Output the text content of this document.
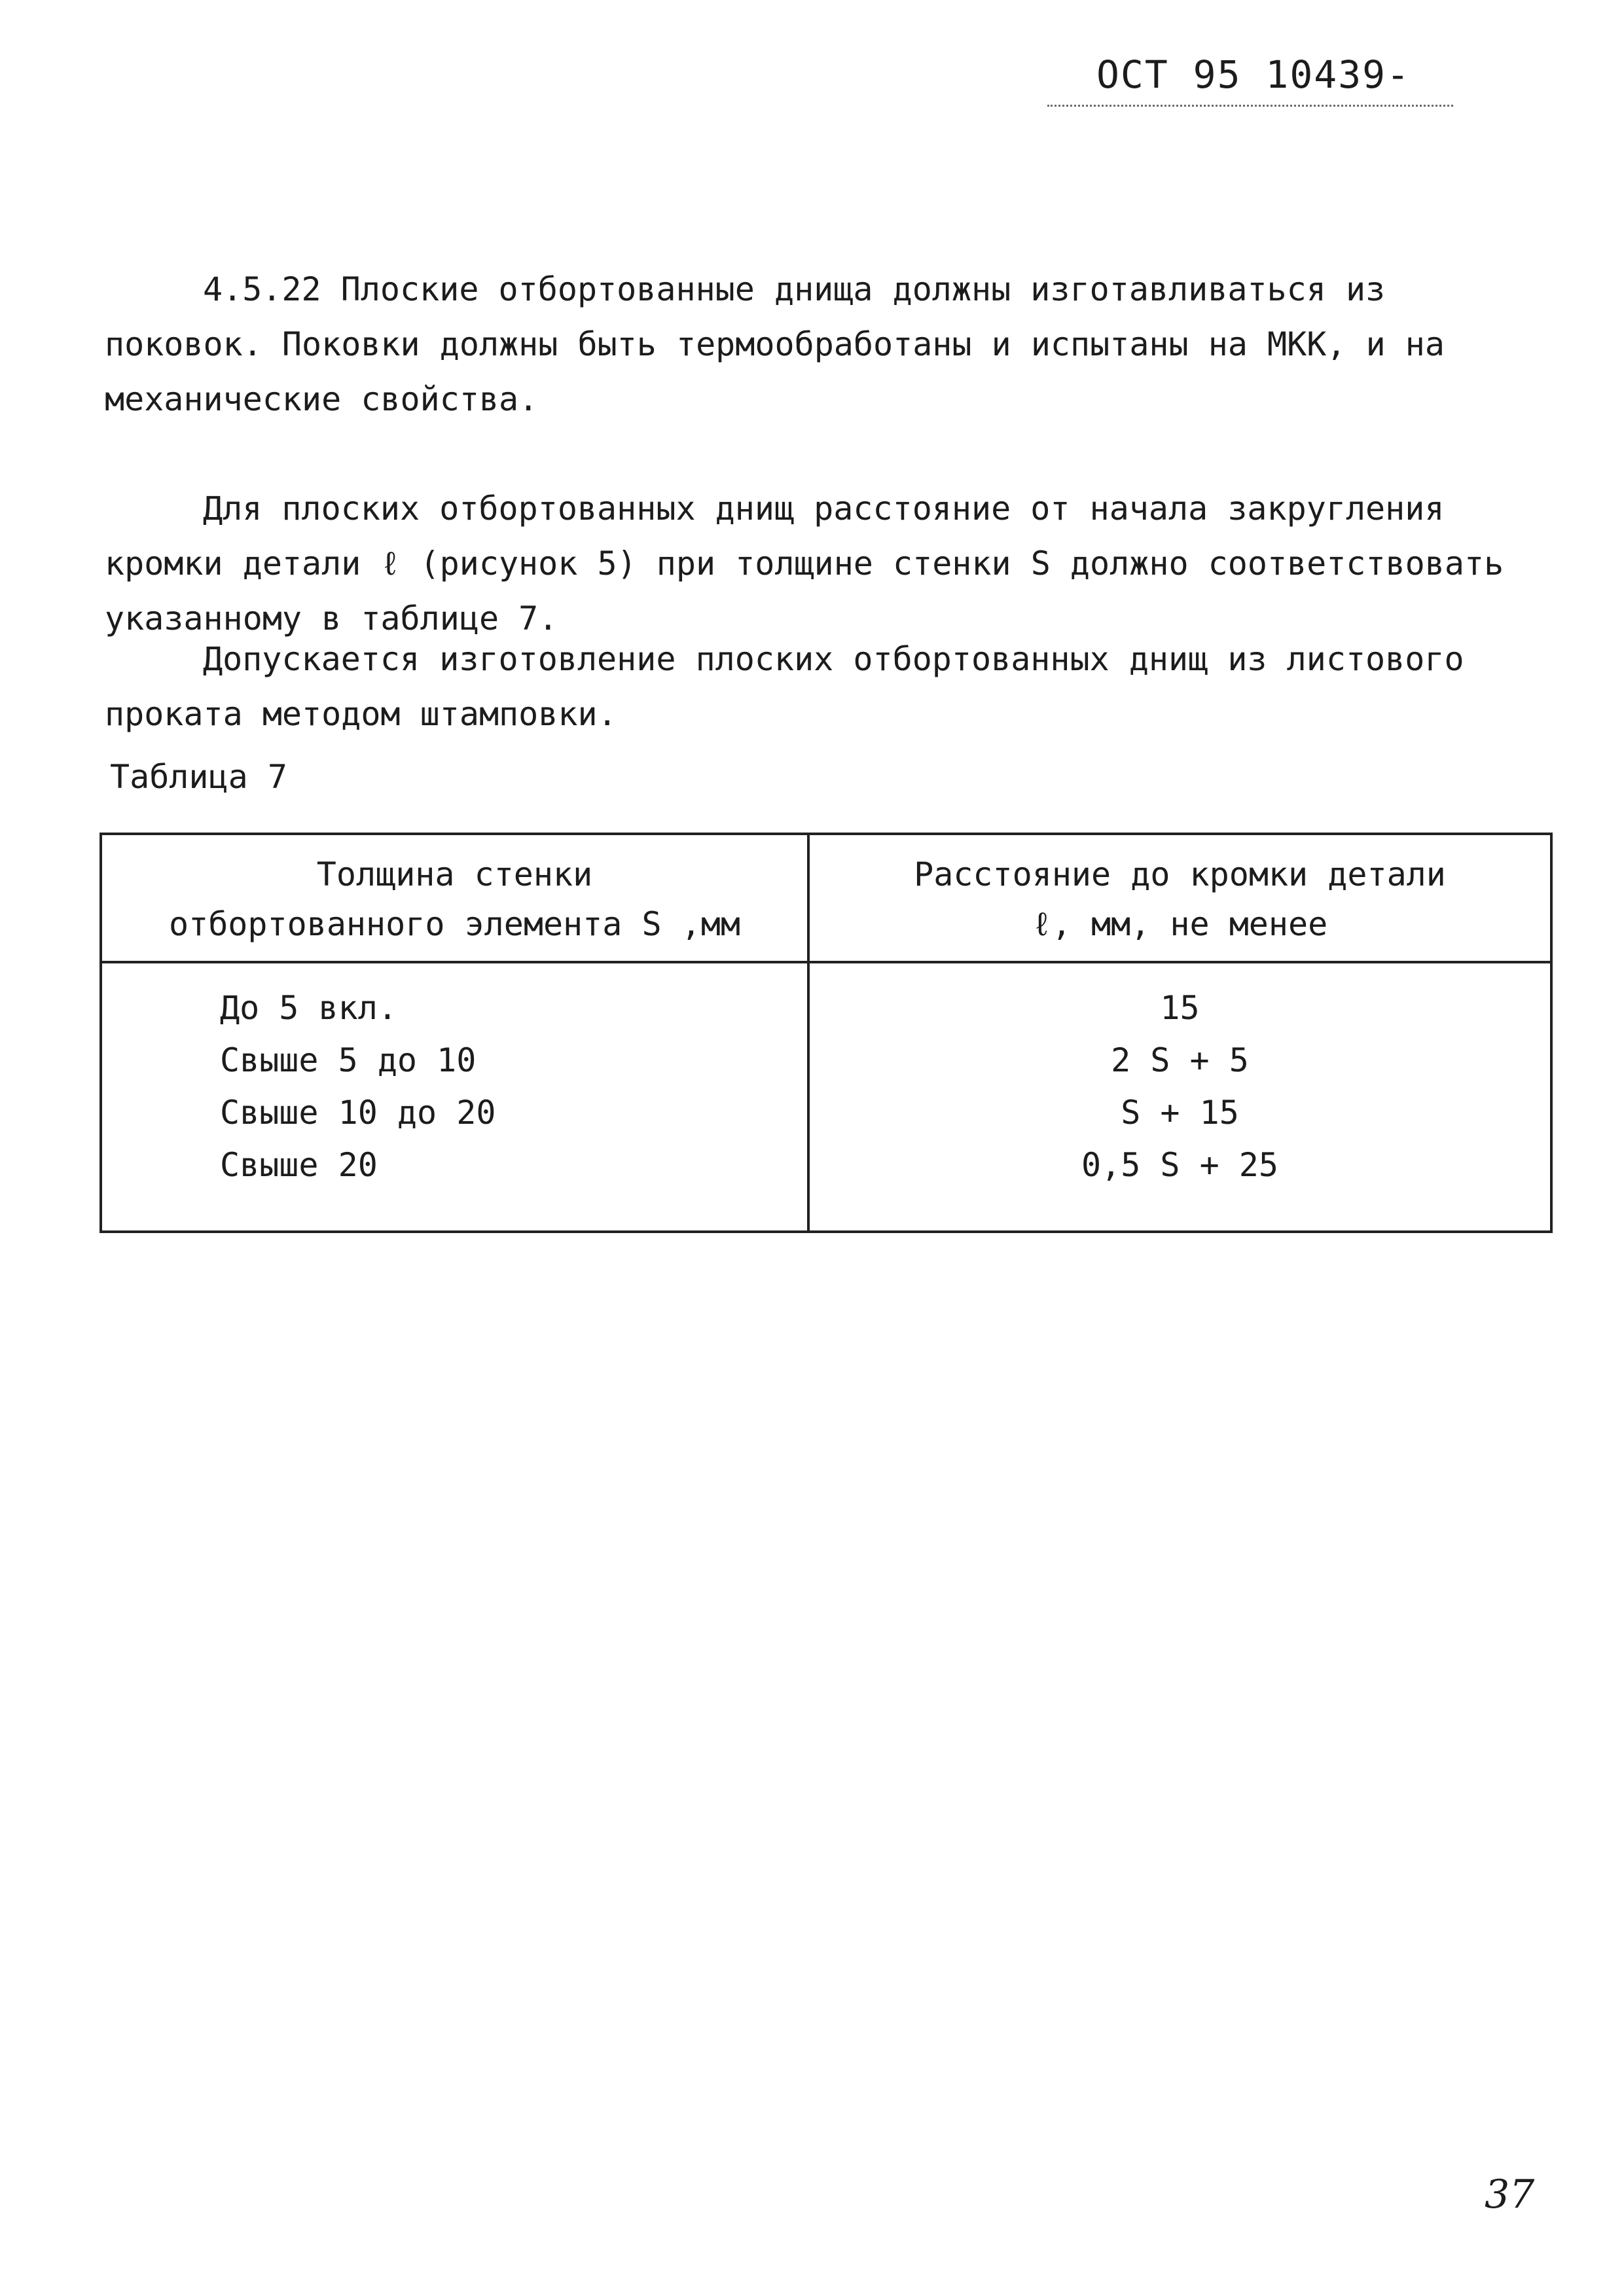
ОСТ 95 10439-

4.5.22 Плоские отбортованные днища должны изготавливаться из поковок. Поковки должны быть термообработаны и испытаны на МКК, и на механические свойства.

Для плоских отбортованных днищ расстояние от начала закругления кромки детали ℓ (рисунок 5) при толщине стенки S должно соответствовать указанному в таблице 7.

Допускается изготовление плоских отбортованных днищ из листового проката методом штамповки.

Таблица 7

Толщина стенки
отбортованного элемента S ,мм
Расстояние до кромки детали
ℓ, мм, не менее
До 5 вкл.
Свыше 5 до 10
Свыше 10 до 20
Свыше 20
15
2 S + 5
S + 15
0,5 S + 25
37
